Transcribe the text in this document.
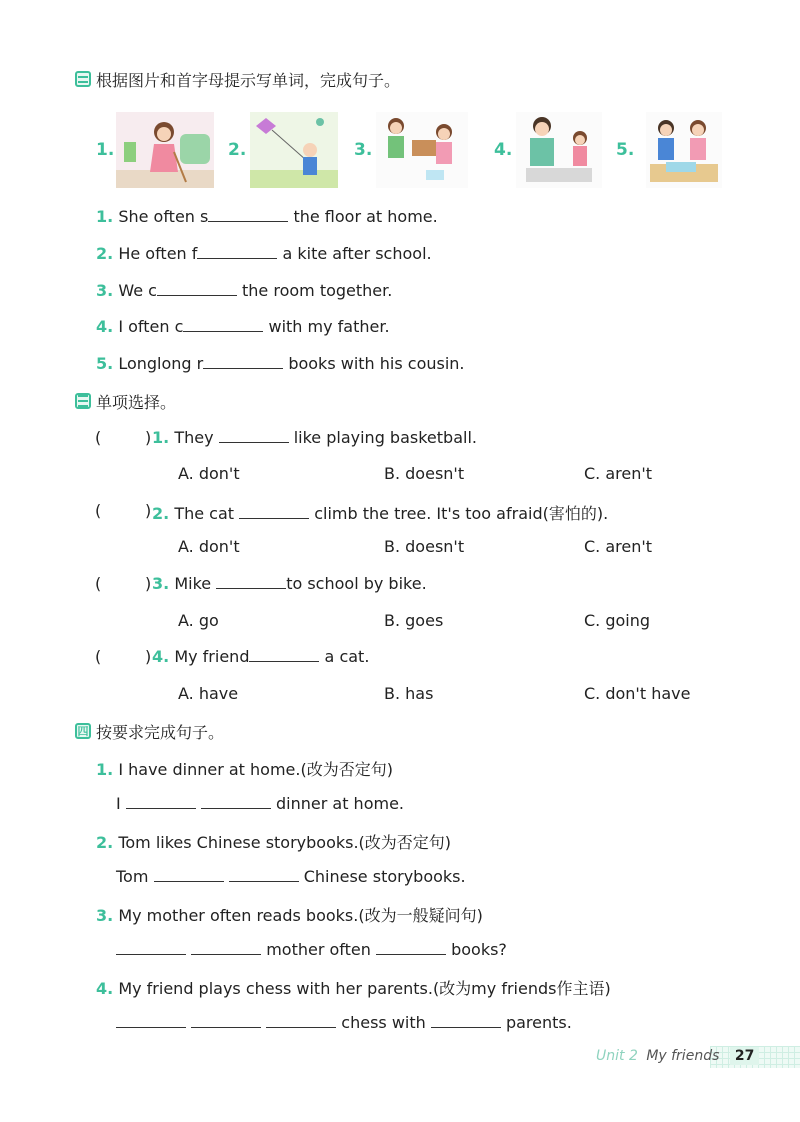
根据图片和首字母提示写单词，完成句子。
1.	2.	3.	4.	5.
1. She often s	the floor at home.
2. He often f	a kite after school.
3. We c	the room together.
4. I often c	with my father.
5. Longlong r	books with his cousin.
单项选择。
(	) 1. They	like playing basketball.
A. don't	B. doesn't	C. aren't
(	) 2. The cat	climb the tree. It's too afraid(害怕的).
A. don't	B. doesn't	C. aren't
(	) 3. Mike	to school by bike.
A. go	B. goes	C. going
(	) 4. My friend	a cat.
A. have	B. has	C. don't have
四 按要求完成句子。
1. I have dinner at home.(改为否定句)
I	dinner at home.
2. Tom likes Chinese storybooks.(改为否定句)
Tom	Chinese storybooks.
3. My mother often reads books.(改为一般疑问句)
mother often	books?
4. My friend plays chess with her parents.(改为my friends作主语)
chess with	parents.
Unit 2 My friends 27
